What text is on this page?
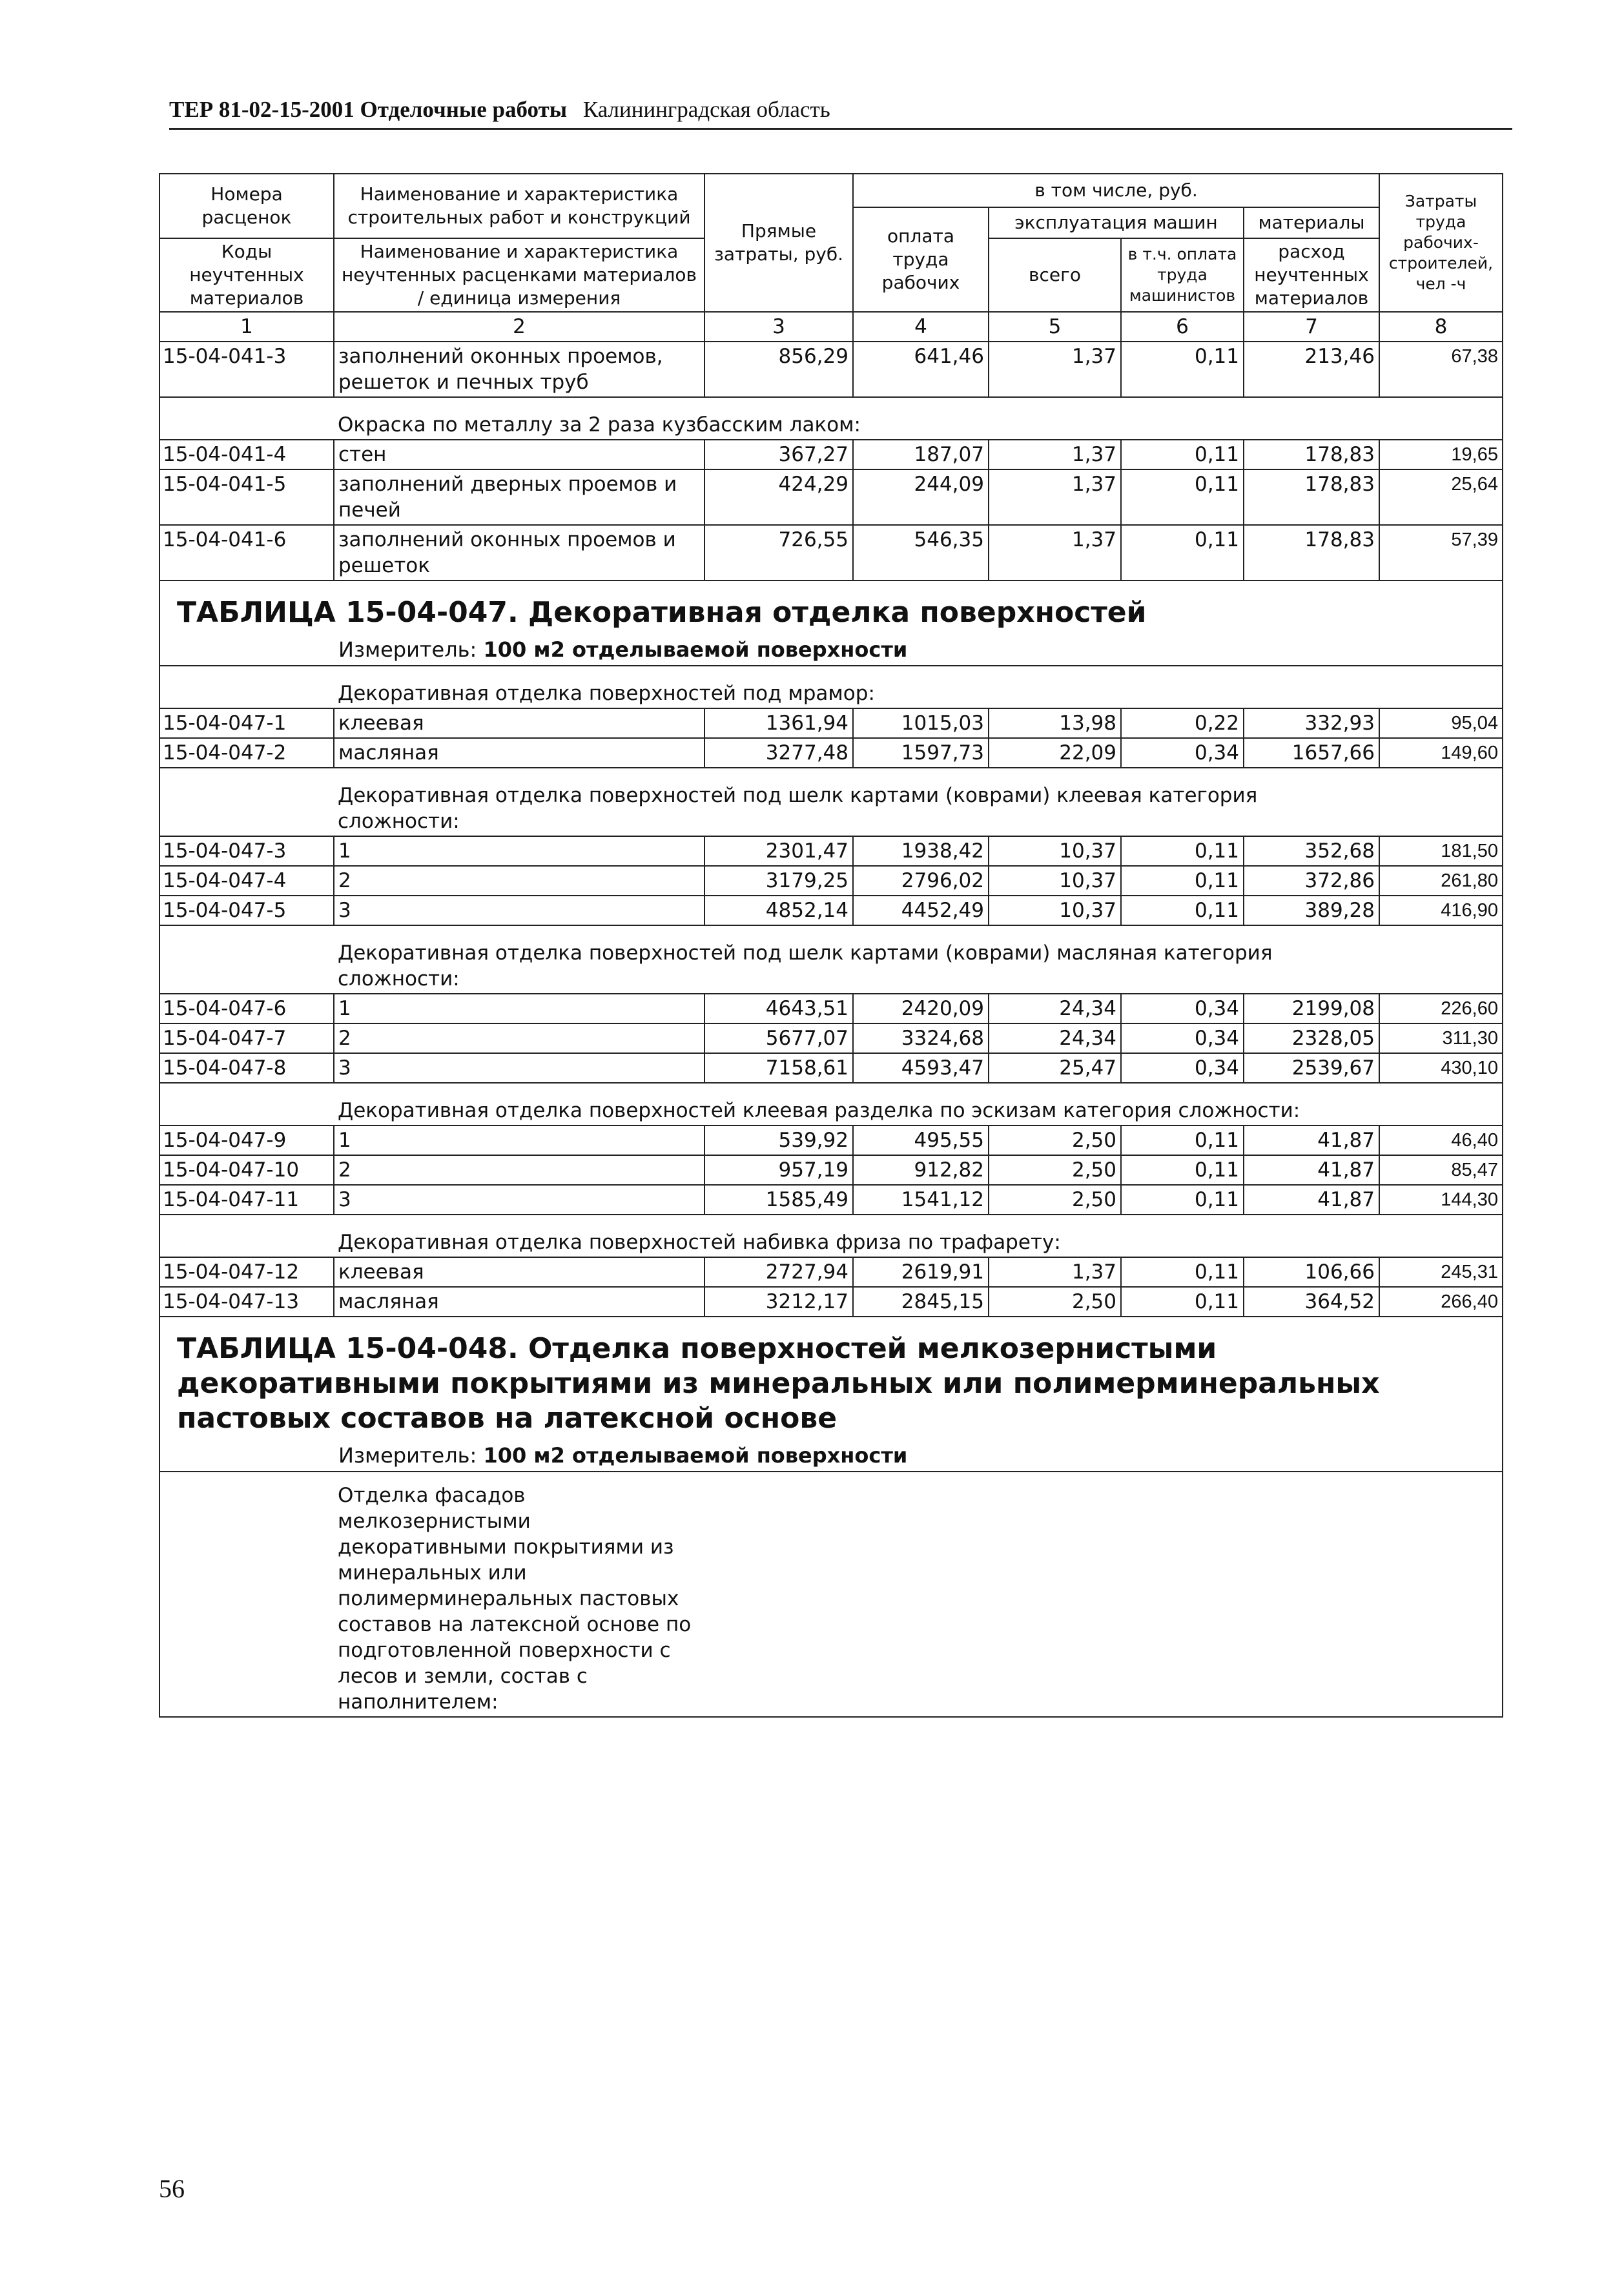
ТЕР 81-02-15-2001 Отделочные работы Калининградская область
Номера расценок	Наименование и характеристика строительных работ и конструкций	Прямые затраты, руб.	в том числе, руб.				Затраты труда рабочих-строителей,
чел -ч
			оплата труда рабочих	эксплуатация машин		материалы	
Коды неучтенных материалов	Наименование и характеристика неучтенных расценками материалов / единица измерения			всего	в т.ч. оплата труда машинистов	расход неучтенных материалов	

1	2	3	4	5	6	7	8
15-04-041-3	заполнений оконных проемов, решеток и печных труб	856,29	641,46	1,37	0,11	213,46	67,38
	Окраска по металлу за 2 раза кузбасским лаком:						
15-04-041-4	стен	367,27	187,07	1,37	0,11	178,83	19,65
15-04-041-5	заполнений дверных проемов и печей	424,29	244,09	1,37	0,11	178,83	25,64
15-04-041-6	заполнений оконных проемов и решеток	726,55	546,35	1,37	0,11	178,83	57,39
ТАБЛИЦА 15-04-047. Декоративная отделка поверхностей							
Измеритель: 100 м2 отделываемой поверхности							
	Декоративная отделка поверхностей под мрамор:						
15-04-047-1	клеевая	1361,94	1015,03	13,98	0,22	332,93	95,04
15-04-047-2	масляная	3277,48	1597,73	22,09	0,34	1657,66	149,60
	Декоративная отделка поверхностей под шелк картами (коврами) клеевая категория сложности:						
15-04-047-3	1	2301,47	1938,42	10,37	0,11	352,68	181,50
15-04-047-4	2	3179,25	2796,02	10,37	0,11	372,86	261,80
15-04-047-5	3	4852,14	4452,49	10,37	0,11	389,28	416,90
	Декоративная отделка поверхностей под шелк картами (коврами) масляная категория сложности:						
15-04-047-6	1	4643,51	2420,09	24,34	0,34	2199,08	226,60
15-04-047-7	2	5677,07	3324,68	24,34	0,34	2328,05	311,30
15-04-047-8	3	7158,61	4593,47	25,47	0,34	2539,67	430,10
	Декоративная отделка поверхностей клеевая разделка по эскизам категория сложности:						
15-04-047-9	1	539,92	495,55	2,50	0,11	41,87	46,40
15-04-047-10	2	957,19	912,82	2,50	0,11	41,87	85,47
15-04-047-11	3	1585,49	1541,12	2,50	0,11	41,87	144,30
	Декоративная отделка поверхностей набивка фриза по трафарету:						
15-04-047-12	клеевая	2727,94	2619,91	1,37	0,11	106,66	245,31
15-04-047-13	масляная	3212,17	2845,15	2,50	0,11	364,52	266,40
ТАБЛИЦА 15-04-048. Отделка поверхностей мелкозернистыми декоративными покрытиями из минеральных или полимерминеральных пастовых составов на латексной основе							
Измеритель: 100 м2 отделываемой поверхности							
	Отделка фасадов мелкозернистыми декоративными покрытиями из минеральных или полимерминеральных пастовых составов на латексной основе по подготовленной поверхности с лесов и земли, состав с наполнителем:						
56
